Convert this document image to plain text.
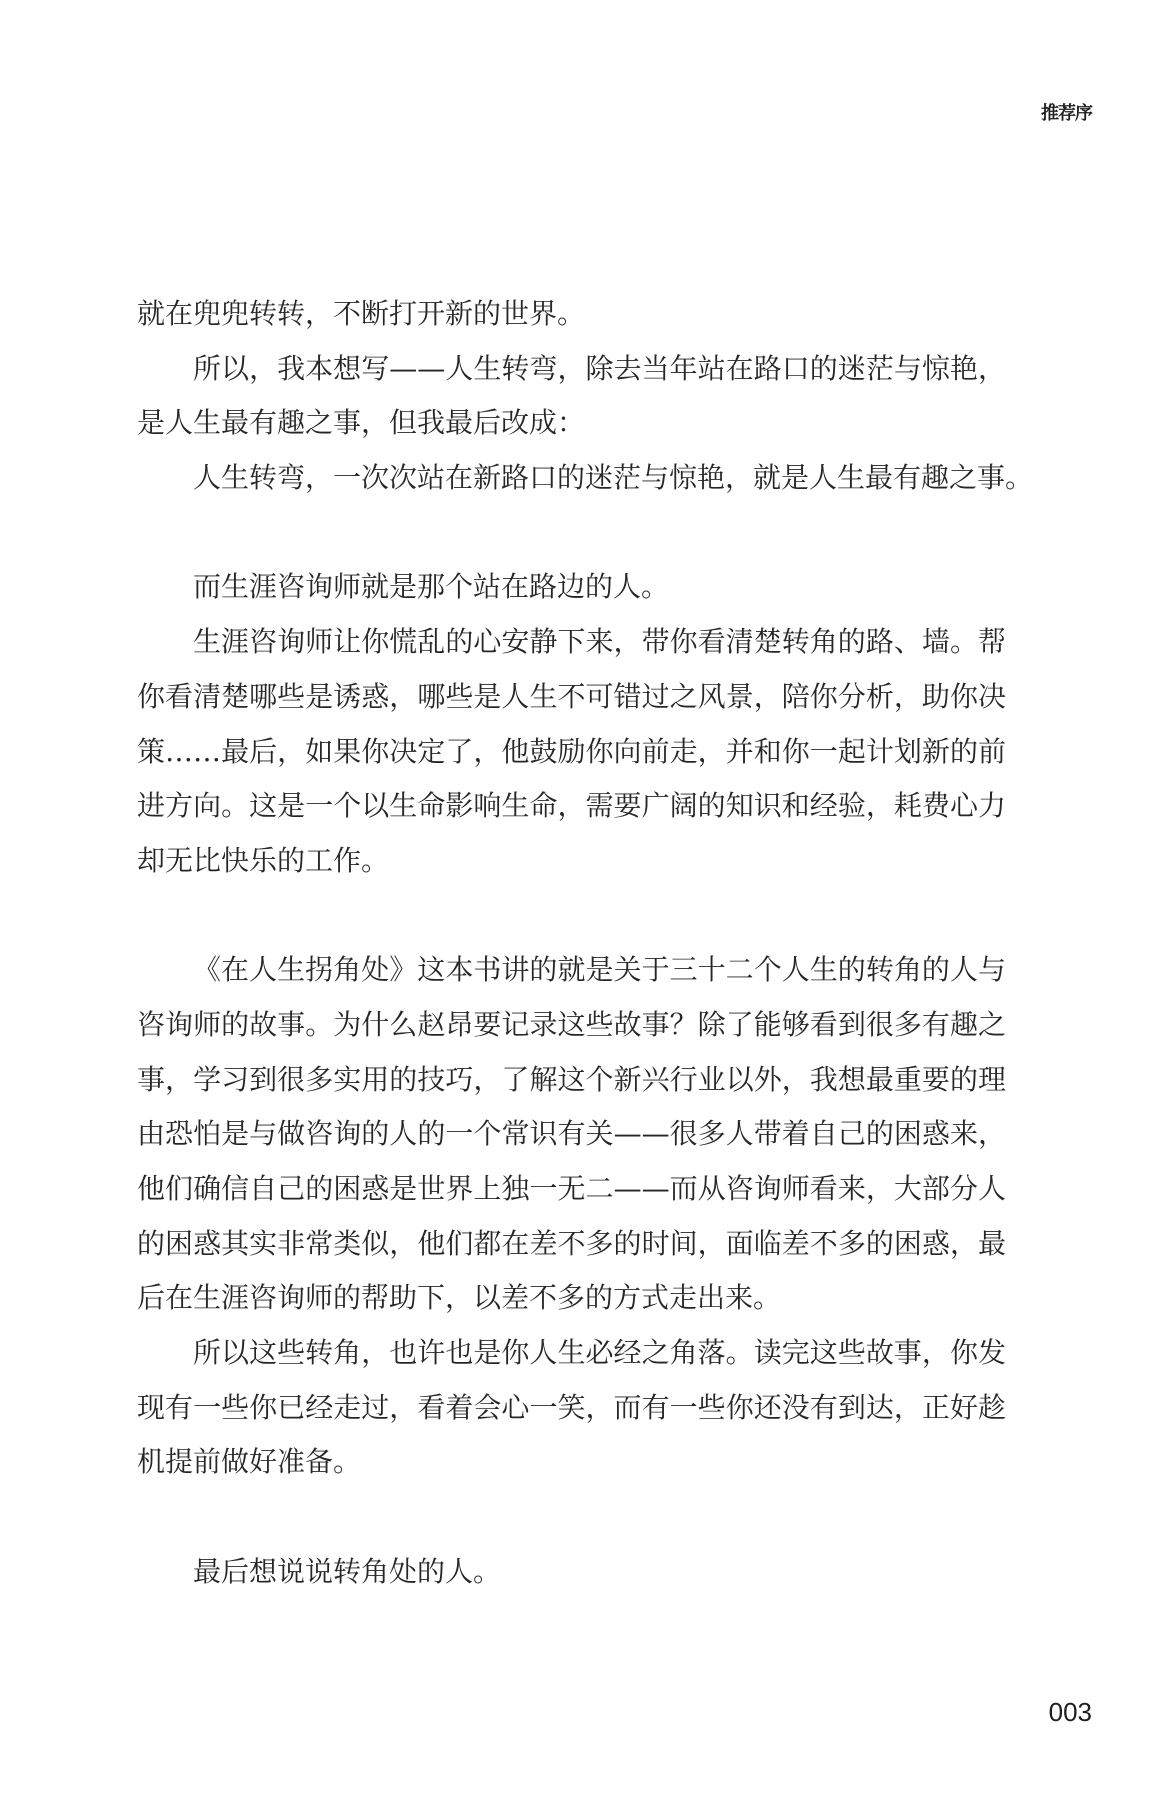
推荐序
就在兜兜转转，不断打开新的世界。
所以，我本想写——人生转弯，除去当年站在路口的迷茫与惊艳，
是人生最有趣之事，但我最后改成：
人生转弯，一次次站在新路口的迷茫与惊艳，就是人生最有趣之事。
而生涯咨询师就是那个站在路边的人。
生涯咨询师让你慌乱的心安静下来，带你看清楚转角的路、墙。帮
你看清楚哪些是诱惑，哪些是人生不可错过之风景，陪你分析，助你决
策……最后，如果你决定了，他鼓励你向前走，并和你一起计划新的前
进方向。这是一个以生命影响生命，需要广阔的知识和经验，耗费心力
却无比快乐的工作。
《在人生拐角处》这本书讲的就是关于三十二个人生的转角的人与
咨询师的故事。为什么赵昂要记录这些故事？除了能够看到很多有趣之
事，学习到很多实用的技巧，了解这个新兴行业以外，我想最重要的理
由恐怕是与做咨询的人的一个常识有关——很多人带着自己的困惑来，
他们确信自己的困惑是世界上独一无二——而从咨询师看来，大部分人
的困惑其实非常类似，他们都在差不多的时间，面临差不多的困惑，最
后在生涯咨询师的帮助下，以差不多的方式走出来。
所以这些转角，也许也是你人生必经之角落。读完这些故事，你发
现有一些你已经走过，看着会心一笑，而有一些你还没有到达，正好趁
机提前做好准备。
最后想说说转角处的人。
003
